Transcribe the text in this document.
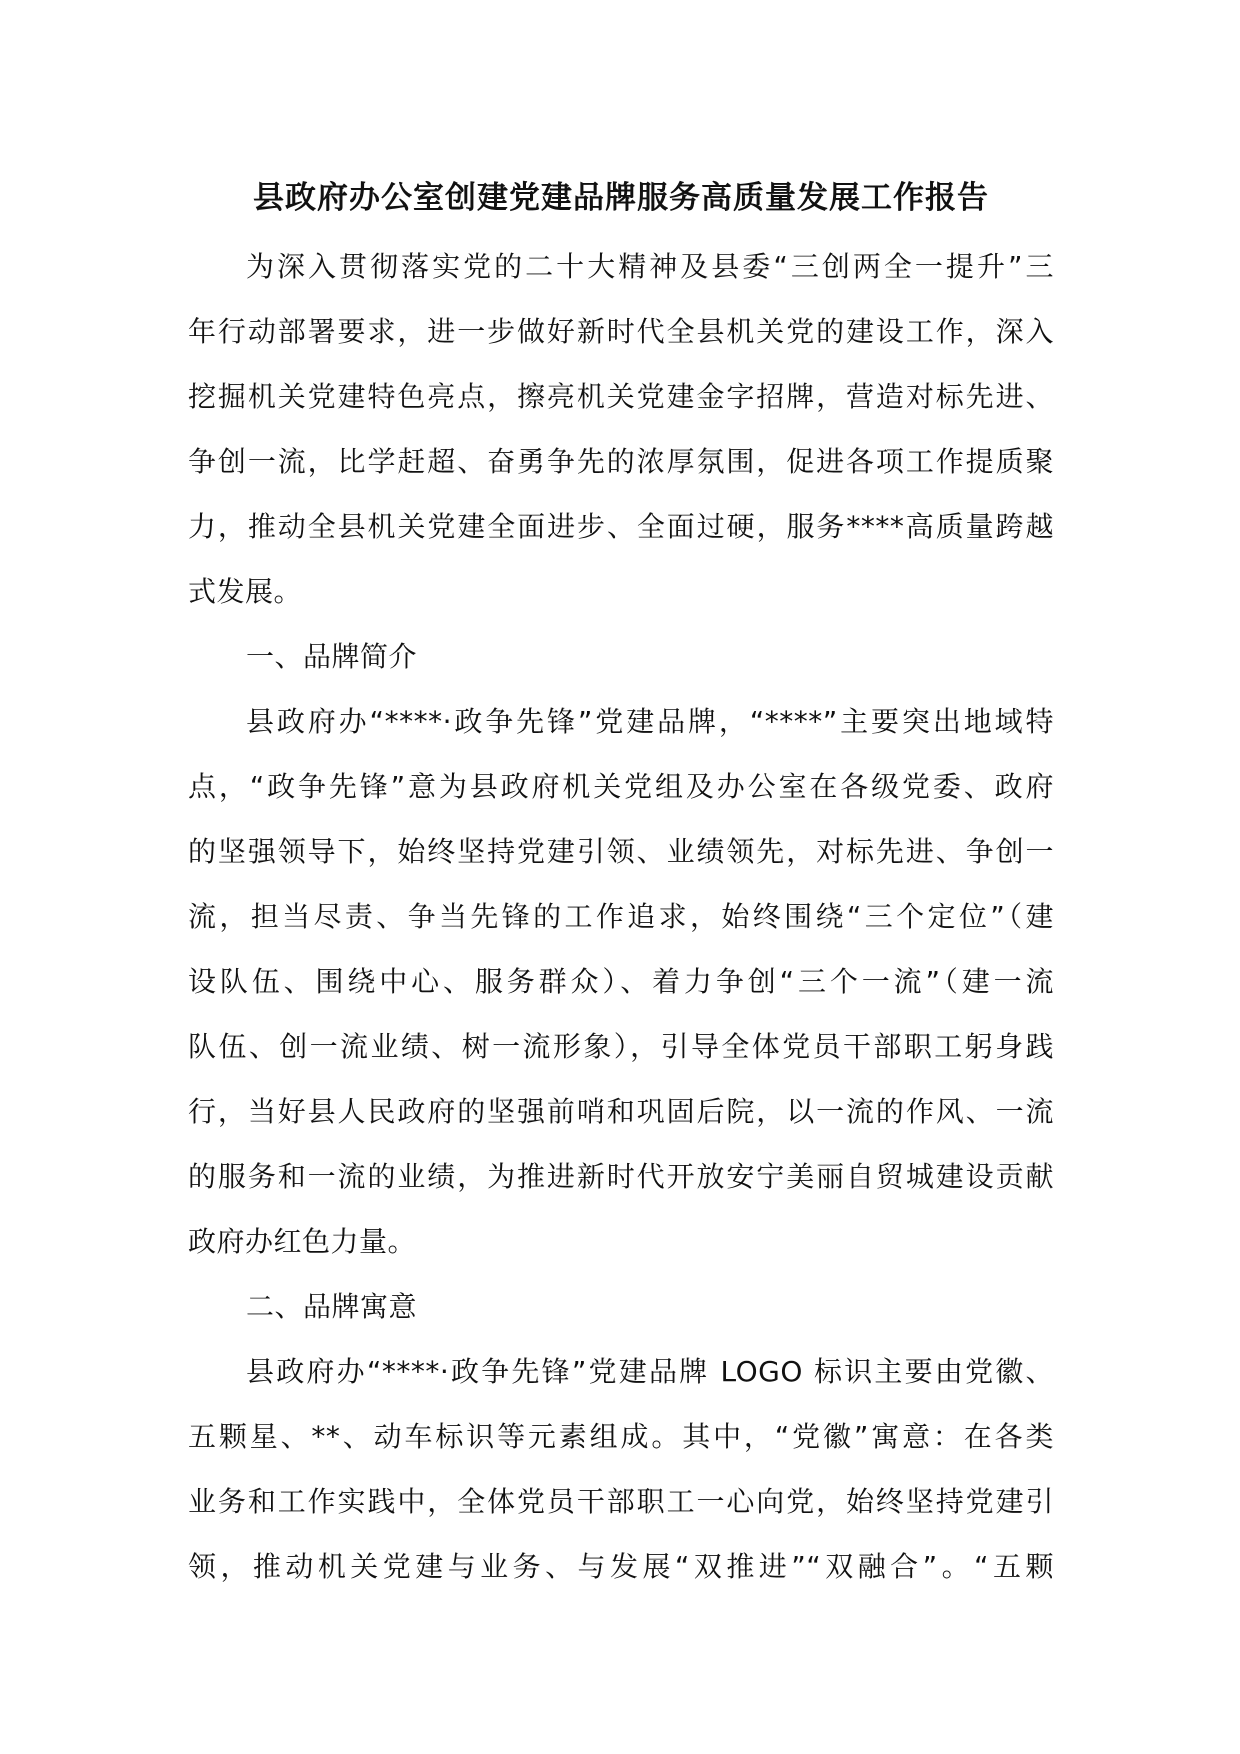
县政府办公室创建党建品牌服务高质量发展工作报告
为深入贯彻落实党的二十大精神及县委“三创两全一提升”三
年行动部署要求，进一步做好新时代全县机关党的建设工作，深入
挖掘机关党建特色亮点，擦亮机关党建金字招牌，营造对标先进、
争创一流，比学赶超、奋勇争先的浓厚氛围，促进各项工作提质聚
力，推动全县机关党建全面进步、全面过硬，服务****高质量跨越
式发展。
一、品牌简介
县政府办“****·政争先锋”党建品牌，“****”主要突出地域特
点，“政争先锋”意为县政府机关党组及办公室在各级党委、政府
的坚强领导下，始终坚持党建引领、业绩领先，对标先进、争创一
流，担当尽责、争当先锋的工作追求，始终围绕“三个定位”（建
设队伍、围绕中心、服务群众）、着力争创“三个一流”（建一流
队伍、创一流业绩、树一流形象），引导全体党员干部职工躬身践
行，当好县人民政府的坚强前哨和巩固后院，以一流的作风、一流
的服务和一流的业绩，为推进新时代开放安宁美丽自贸城建设贡献
政府办红色力量。
二、品牌寓意
县政府办“****·政争先锋”党建品牌 LOGO 标识主要由党徽、
五颗星、**、动车标识等元素组成。其中，“党徽”寓意：在各类
业务和工作实践中，全体党员干部职工一心向党，始终坚持党建引
领，推动机关党建与业务、与发展“双推进”“双融合”。“五颗
